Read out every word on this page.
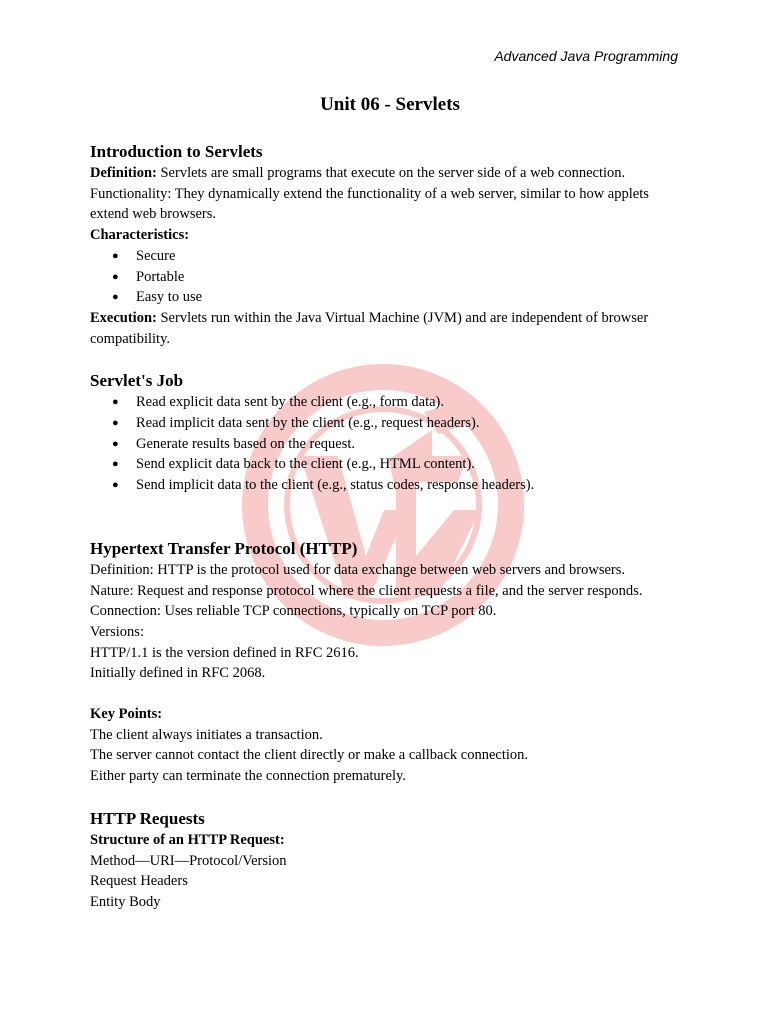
Advanced Java Programming
Unit 06 - Servlets
Introduction to Servlets

Definition: Servlets are small programs that execute on the server side of a web connection.

Functionality: They dynamically extend the functionality of a web server, similar to how applets extend web browsers.

Characteristics:

● Secure
● Portable
● Easy to use

Execution: Servlets run within the Java Virtual Machine (JVM) and are independent of browser compatibility.

Servlet's Job
● Read explicit data sent by the client (e.g., form data).
● Read implicit data sent by the client (e.g., request headers).
● Generate results based on the request.
● Send explicit data back to the client (e.g., HTML content).
● Send implicit data to the client (e.g., status codes, response headers).
Hypertext Transfer Protocol (HTTP)

Definition: HTTP is the protocol used for data exchange between web servers and browsers.

Nature: Request and response protocol where the client requests a file, and the server responds.

Connection: Uses reliable TCP connections, typically on TCP port 80.

Versions:

HTTP/1.1 is the version defined in RFC 2616.

Initially defined in RFC 2068.

Key Points:

The client always initiates a transaction.

The server cannot contact the client directly or make a callback connection.

Either party can terminate the connection prematurely.

HTTP Requests

Structure of an HTTP Request:

Method—URI—Protocol/Version

Request Headers

Entity Body
